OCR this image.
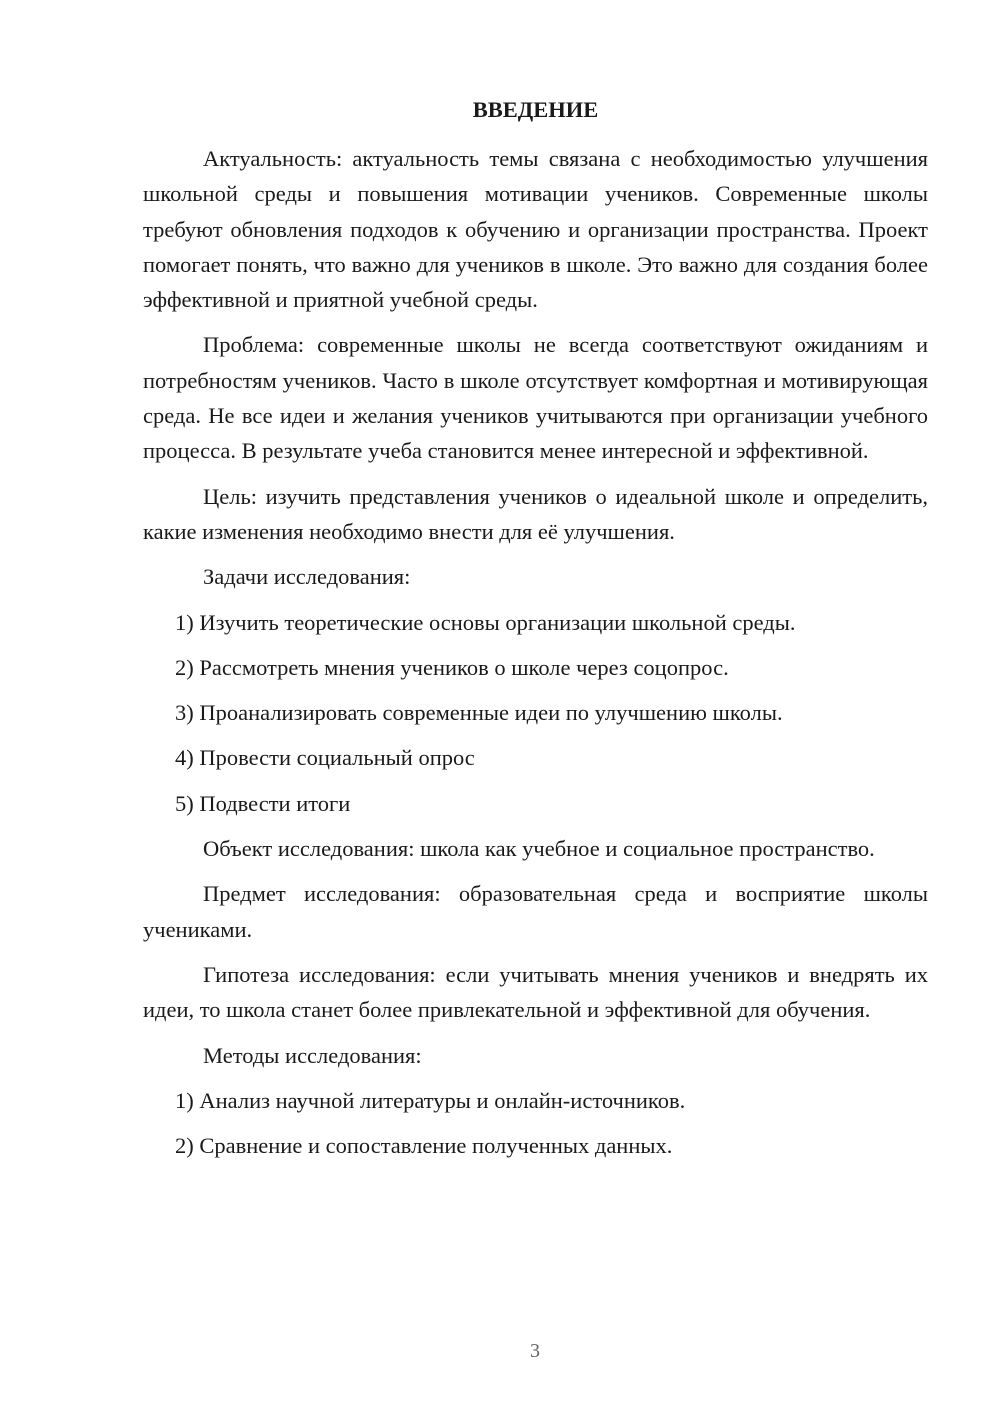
ВВЕДЕНИЕ

Актуальность: актуальность темы связана с необходимостью улучшения школьной среды и повышения мотивации учеников. Современные школы требуют обновления подходов к обучению и организации пространства. Проект помогает понять, что важно для учеников в школе. Это важно для создания более эффективной и приятной учебной среды.

Проблема: современные школы не всегда соответствуют ожиданиям и потребностям учеников. Часто в школе отсутствует комфортная и мотивирующая среда. Не все идеи и желания учеников учитываются при организации учебного процесса. В результате учеба становится менее интересной и эффективной.

Цель: изучить представления учеников о идеальной школе и определить, какие изменения необходимо внести для её улучшения.

Задачи исследования:

1) Изучить теоретические основы организации школьной среды.
2) Рассмотреть мнения учеников о школе через соцопрос.
3) Проанализировать современные идеи по улучшению школы.
4) Провести социальный опрос
5) Подвести итоги

Объект исследования: школа как учебное и социальное пространство.

Предмет исследования: образовательная среда и восприятие школы учениками.

Гипотеза исследования: если учитывать мнения учеников и внедрять их идеи, то школа станет более привлекательной и эффективной для обучения.

Методы исследования:

1) Анализ научной литературы и онлайн-источников.
2) Сравнение и сопоставление полученных данных.
3
